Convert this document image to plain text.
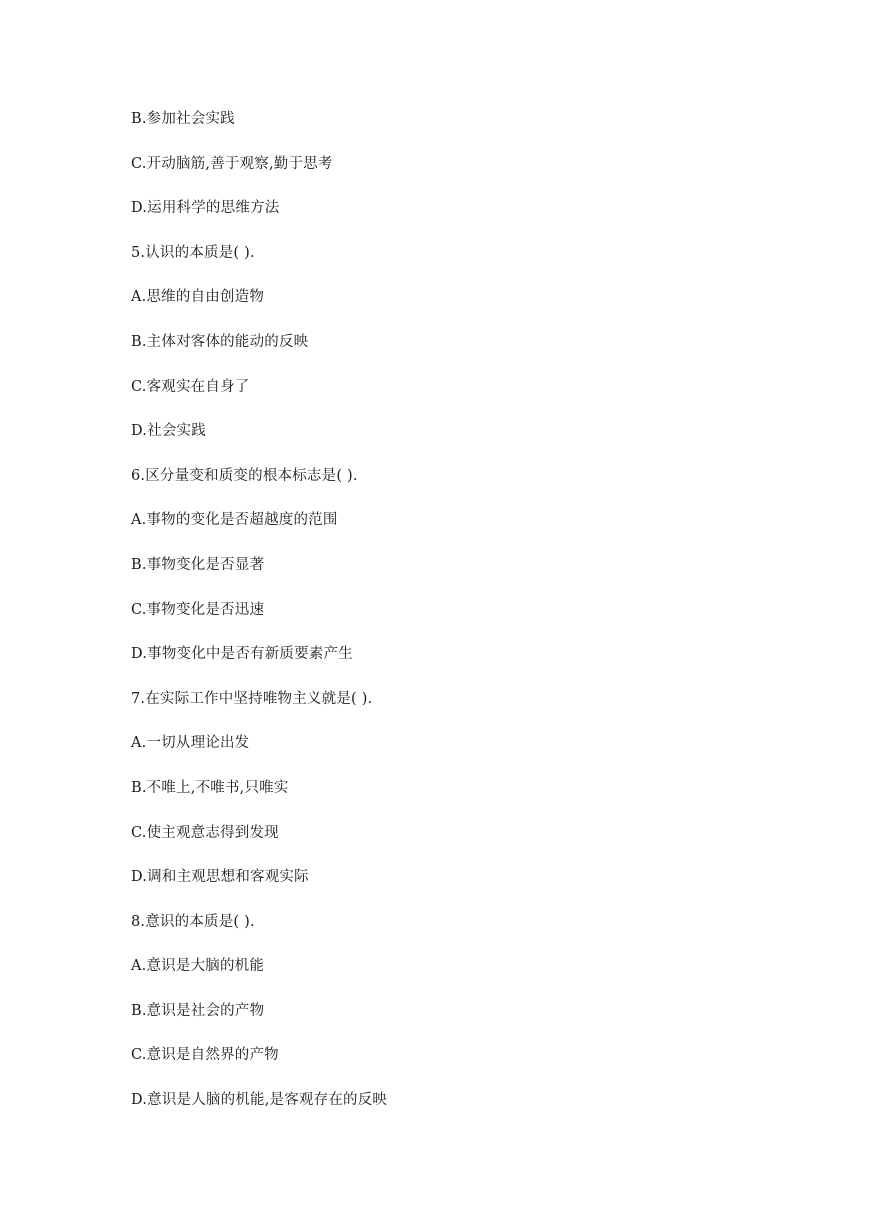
B.参加社会实践
C.开动脑筋,善于观察,勤于思考
D.运用科学的思维方法
5.认识的本质是( ).
A.思维的自由创造物
B.主体对客体的能动的反映
C.客观实在自身了
D.社会实践
6.区分量变和质变的根本标志是( ).
A.事物的变化是否超越度的范围
B.事物变化是否显著
C.事物变化是否迅速
D.事物变化中是否有新质要素产生
7.在实际工作中坚持唯物主义就是( ).
A.一切从理论出发
B.不唯上,不唯书,只唯实
C.使主观意志得到发现
D.调和主观思想和客观实际
8.意识的本质是( ).
A.意识是大脑的机能
B.意识是社会的产物
C.意识是自然界的产物
D.意识是人脑的机能,是客观存在的反映
